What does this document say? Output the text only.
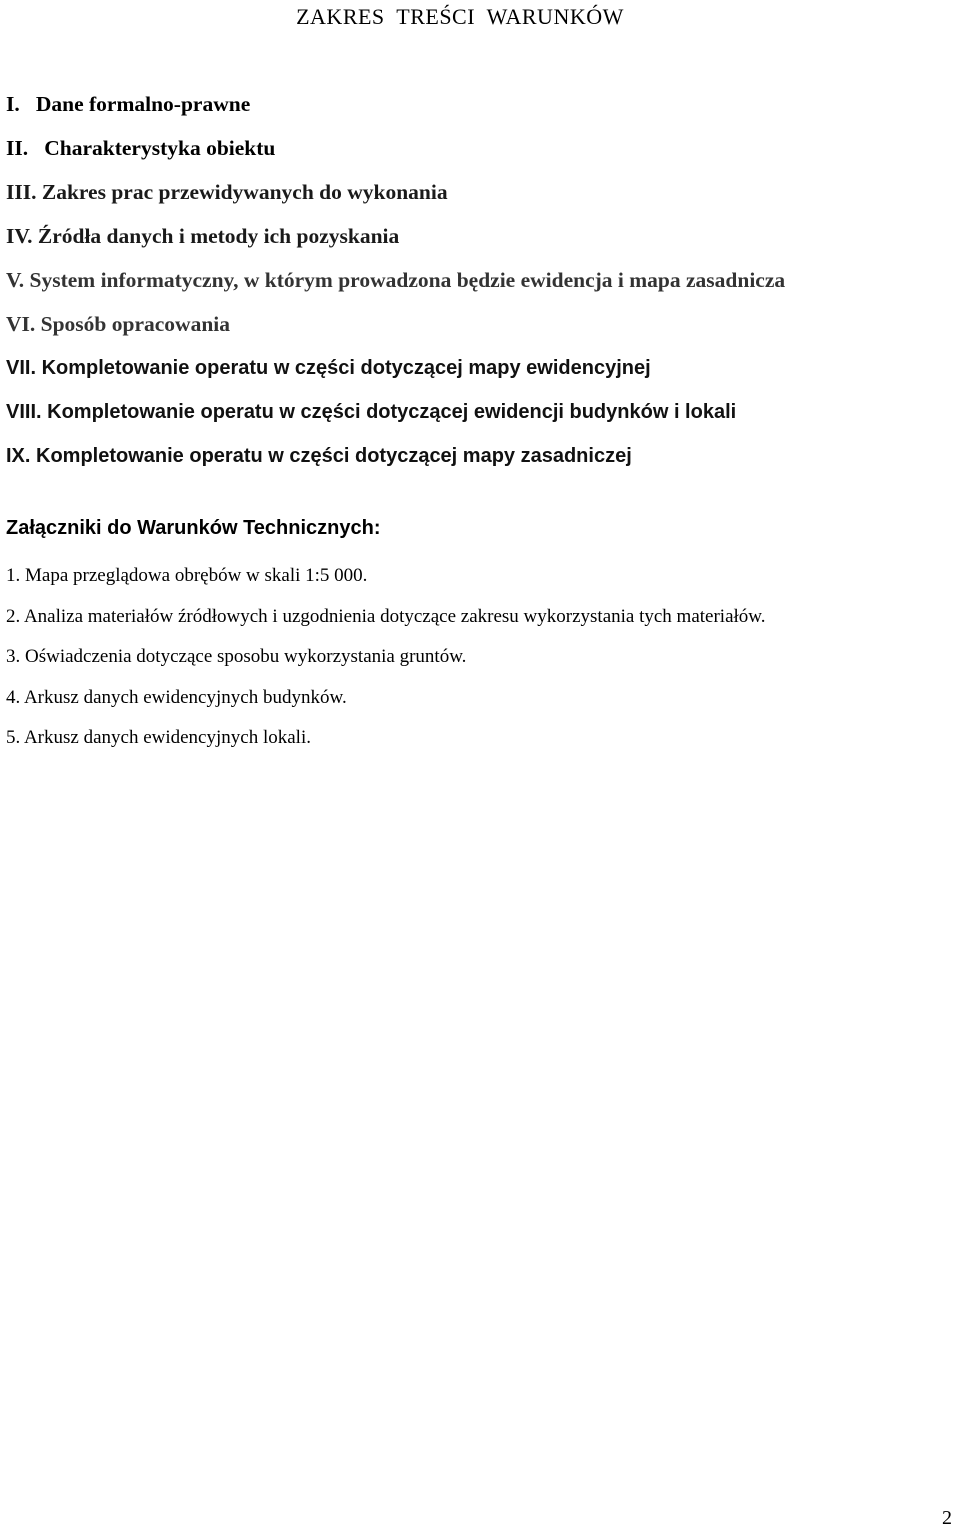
ZAKRES  TREŚCI  WARUNKÓW
I.   Dane formalno-prawne
II.   Charakterystyka obiektu
III. Zakres prac przewidywanych do wykonania
IV. Źródła danych i metody ich pozyskania
V. System informatyczny, w którym prowadzona będzie ewidencja i mapa zasadnicza
VI. Sposób opracowania
VII. Kompletowanie operatu w części dotyczącej mapy ewidencyjnej
VIII. Kompletowanie operatu w części dotyczącej ewidencji budynków i lokali
IX. Kompletowanie operatu w części dotyczącej mapy zasadniczej
Załączniki do Warunków Technicznych:
1. Mapa przeglądowa obrębów w skali 1:5 000.
2. Analiza materiałów źródłowych i uzgodnienia dotyczące zakresu wykorzystania tych materiałów.
3. Oświadczenia dotyczące sposobu wykorzystania gruntów.
4. Arkusz danych ewidencyjnych budynków.
5. Arkusz danych ewidencyjnych lokali.
2
